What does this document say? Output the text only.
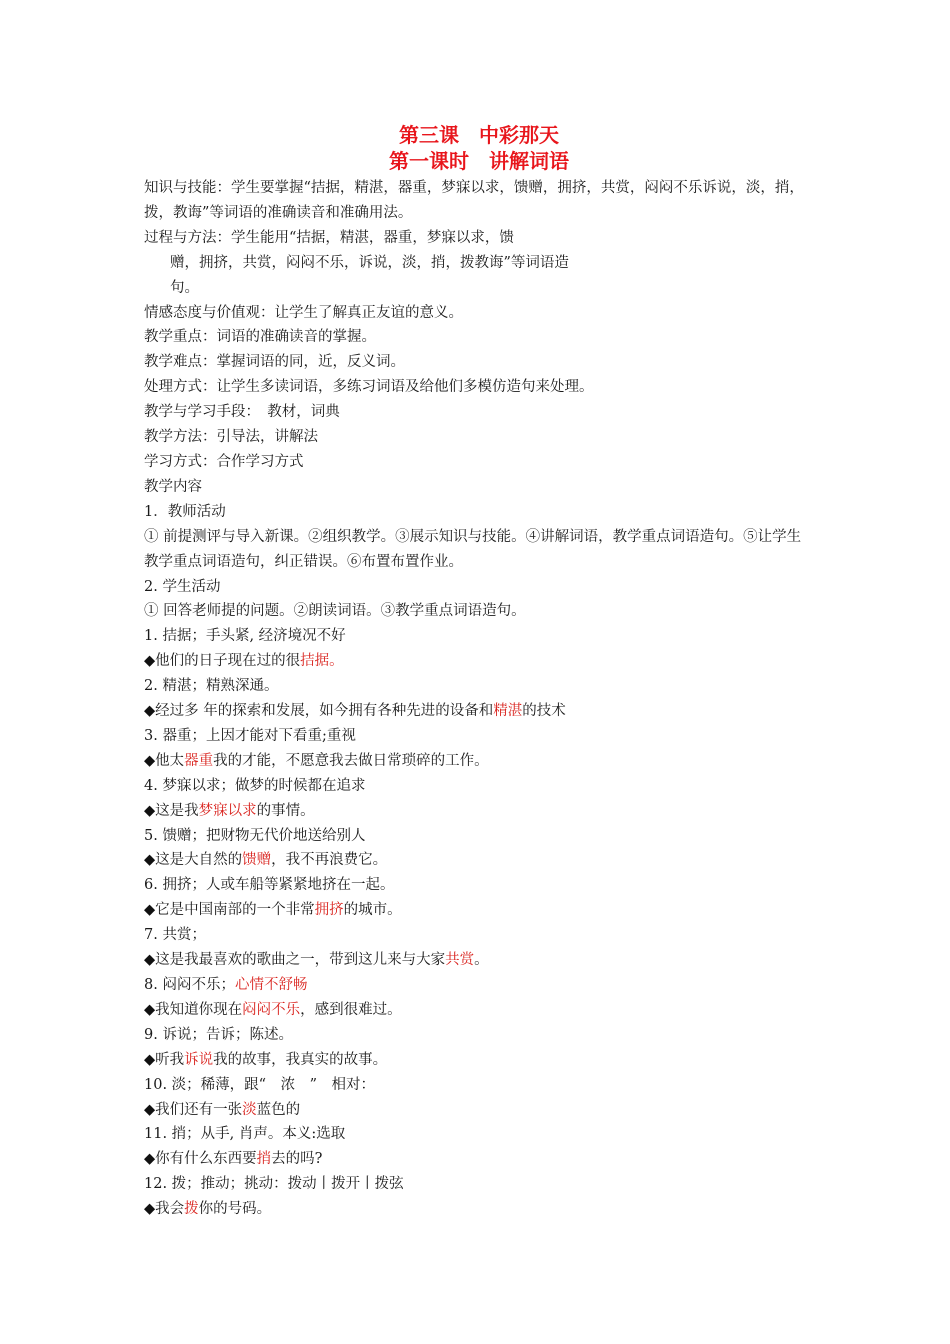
第三课　中彩那天
第一课时　讲解词语
知识与技能：学生要掌握“拮据，精湛，器重，梦寐以求，馈赠，拥挤，共赏，闷闷不乐诉说，淡，捎，拨，教诲”等词语的准确读音和准确用法。
过程与方法：学生能用“拮据，精湛，器重，梦寐以求，馈
赠，拥挤，共赏，闷闷不乐，诉说，淡，捎，拨教诲”等词语造
句。
情感态度与价值观：让学生了解真正友谊的意义。
教学重点：词语的准确读音的掌握。
教学难点：掌握词语的同，近，反义词。
处理方式：让学生多读词语，多练习词语及给他们多模仿造句来处理。
教学与学习手段：　教材，词典
教学方法：引导法，讲解法
学习方式：合作学习方式
教学内容
1．教师活动
① 前提测评与导入新课。②组织教学。③展示知识与技能。④讲解词语，教学重点词语造句。⑤让学生教学重点词语造句，纠正错误。⑥布置布置作业。
2. 学生活动
① 回答老师提的问题。②朗读词语。③教学重点词语造句。
1. 拮据；手头紧, 经济境况不好
◆他们的日子现在过的很拮据。
2. 精湛；精熟深通。
◆经过多 年的探索和发展，如今拥有各种先进的设备和精湛的技术
3. 器重；上因才能对下看重;重视
◆他太器重我的才能，不愿意我去做日常琐碎的工作。
4. 梦寐以求；做梦的时候都在追求
◆这是我梦寐以求的事情。
5. 馈赠；把财物无代价地送给别人
◆这是大自然的馈赠，我不再浪费它。
6. 拥挤；人或车船等紧紧地挤在一起。
◆它是中国南部的一个非常拥挤的城市。
7. 共赏；
◆这是我最喜欢的歌曲之一，带到这儿来与大家共赏。
8. 闷闷不乐；心情不舒畅
◆我知道你现在闷闷不乐，感到很难过。
9. 诉说；告诉；陈述。
◆听我诉说我的故事，我真实的故事。
10. 淡；稀薄，跟“　浓　”　相对：
◆我们还有一张淡蓝色的
11. 捎；从手, 肖声。本义:选取
◆你有什么东西要捎去的吗?
12. 拨；推动；挑动：拨动丨拨开丨拨弦
◆我会拨你的号码。
